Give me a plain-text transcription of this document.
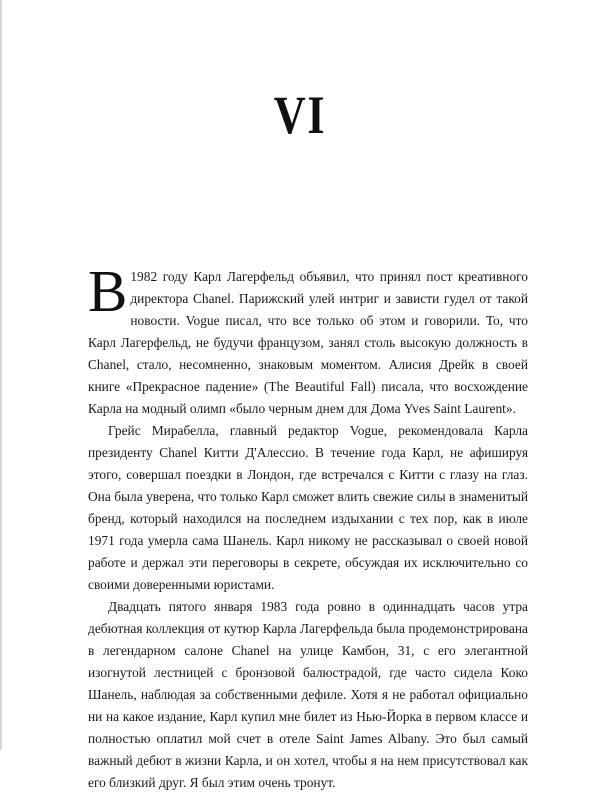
VI

В 1982 году Карл Лагерфельд объявил, что принял пост креативного директора Chanel. Парижский улей интриг и зависти гудел от такой новости. Vogue писал, что все только об этом и говорили. То, что Карл Лагерфельд, не будучи французом, занял столь высокую должность в Chanel, стало, несомненно, знаковым моментом. Алисия Дрейк в своей книге «Прекрасное падение» (The Beautiful Fall) писала, что восхождение Карла на модный олимп «было черным днем для Дома Yves Saint Laurent».

Грейс Мирабелла, главный редактор Vogue, рекомендовала Карла президенту Chanel Китти Д'Алессио. В течение года Карл, не афишируя этого, совершал поездки в Лондон, где встречался с Китти с глазу на глаз. Она была уверена, что только Карл сможет влить свежие силы в знаменитый бренд, который находился на последнем издыхании с тех пор, как в июле 1971 года умерла сама Шанель. Карл никому не рассказывал о своей новой работе и держал эти переговоры в секрете, обсуждая их исключительно со своими доверенными юристами.

Двадцать пятого января 1983 года ровно в одиннадцать часов утра дебютная коллекция от кутюр Карла Лагерфельда была продемонстрирована в легендарном салоне Chanel на улице Камбон, 31, с его элегантной изогнутой лестницей с бронзовой балюстрадой, где часто сидела Коко Шанель, наблюдая за собственными дефиле. Хотя я не работал официально ни на какое издание, Карл купил мне билет из Нью-Йорка в первом классе и полностью оплатил мой счет в отеле Saint James Albany. Это был самый важный дебют в жизни Карла, и он хотел, чтобы я на нем присутствовал как его близкий друг. Я был этим очень тронут.
